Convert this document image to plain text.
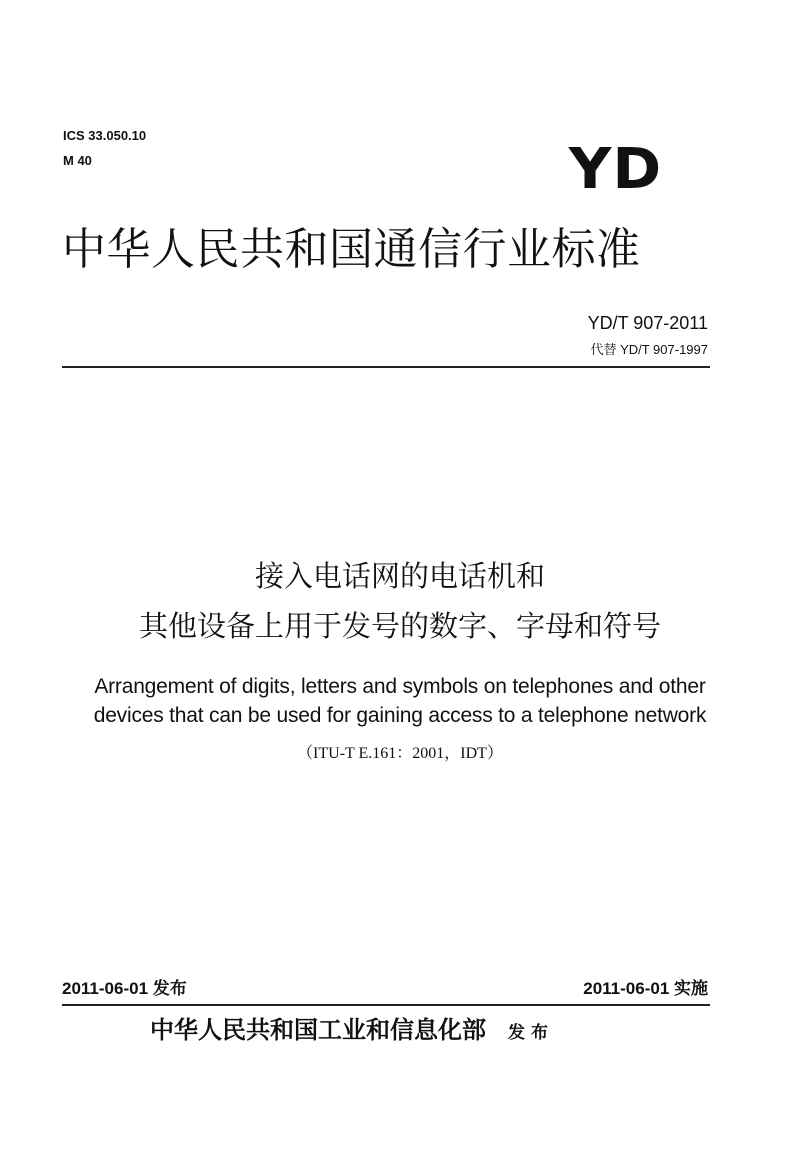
ICS 33.050.10
M 40	YD
中华人民共和国通信行业标准
YD/T 907-2011
代替 YD/T 907-1997
接入电话网的电话机和
其他设备上用于发号的数字、字母和符号
Arrangement of digits, letters and symbols on telephones and other
devices that can be used for gaining access to a telephone network
（ITU-T E.161：2001，IDT）
2011-06-01 发布	2011-06-01 实施
中华人民共和国工业和信息化部 发布
